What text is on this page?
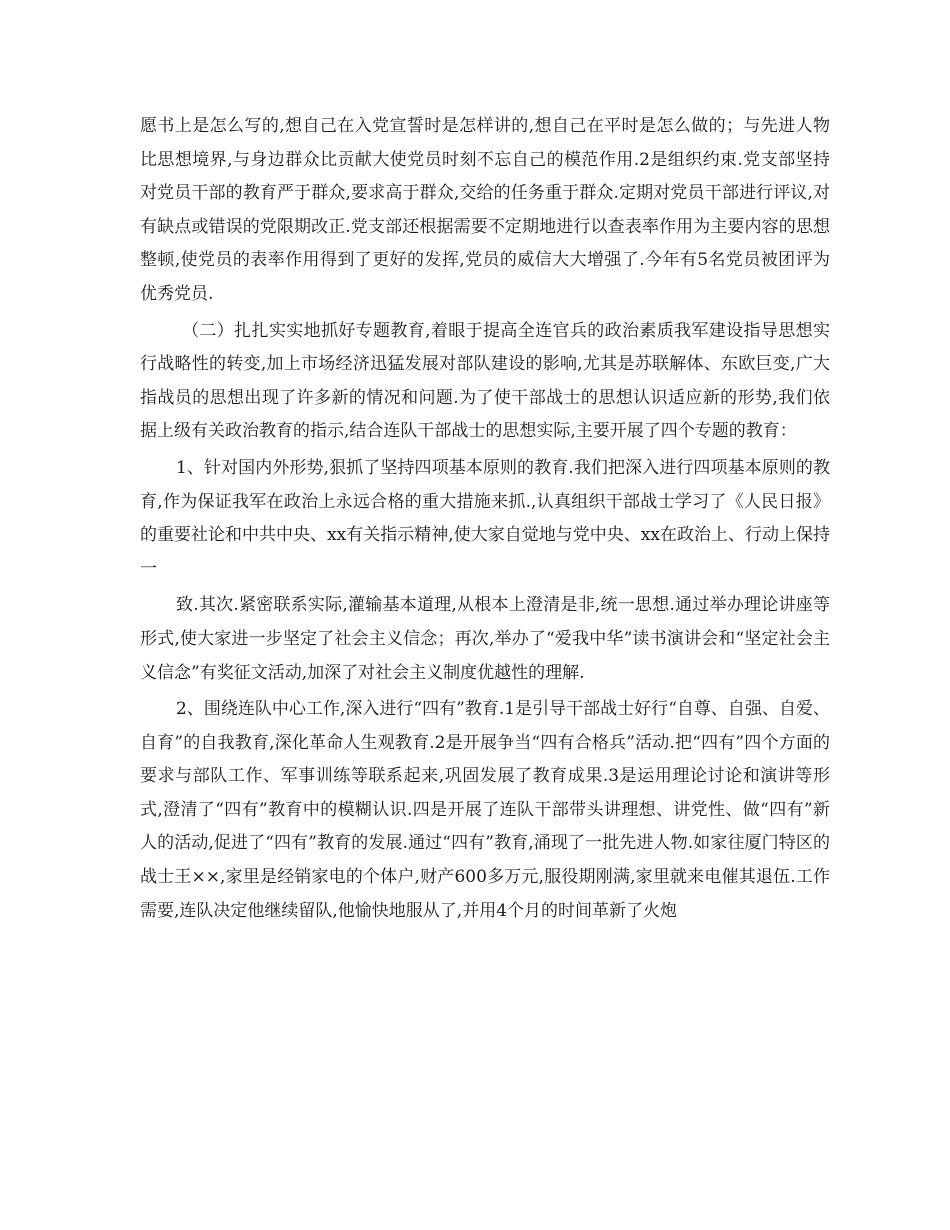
愿书上是怎么写的,想自己在入党宣誓时是怎样讲的,想自己在平时是怎么做的；与先进人物比思想境界,与身边群众比贡献大使党员时刻不忘自己的模范作用.2是组织约束.党支部坚持对党员干部的教育严于群众,要求高于群众,交给的任务重于群众.定期对党员干部进行评议,对有缺点或错误的党限期改正.党支部还根据需要不定期地进行以查表率作用为主要内容的思想整顿,使党员的表率作用得到了更好的发挥,党员的威信大大增强了.今年有5名党员被团评为优秀党员.

（二）扎扎实实地抓好专题教育,着眼于提高全连官兵的政治素质我军建设指导思想实行战略性的转变,加上市场经济迅猛发展对部队建设的影响,尤其是苏联解体、东欧巨变,广大指战员的思想出现了许多新的情况和问题.为了使干部战士的思想认识适应新的形势,我们依据上级有关政治教育的指示,结合连队干部战士的思想实际,主要开展了四个专题的教育：

1、针对国内外形势,狠抓了坚持四项基本原则的教育.我们把深入进行四项基本原则的教育,作为保证我军在政治上永远合格的重大措施来抓.,认真组织干部战士学习了《人民日报》的重要社论和中共中央、xx有关指示精神,使大家自觉地与党中央、xx在政治上、行动上保持一

致.其次.紧密联系实际,灌输基本道理,从根本上澄清是非,统一思想.通过举办理论讲座等形式,使大家进一步坚定了社会主义信念；再次,举办了“爱我中华”读书演讲会和“坚定社会主义信念”有奖征文活动,加深了对社会主义制度优越性的理解.

2、围绕连队中心工作,深入进行“四有”教育.1是引导干部战士好行“自尊、自强、自爱、自育”的自我教育,深化革命人生观教育.2是开展争当“四有合格兵”活动.把“四有”四个方面的要求与部队工作、军事训练等联系起来,巩固发展了教育成果.3是运用理论讨论和演讲等形式,澄清了“四有”教育中的模糊认识.四是开展了连队干部带头讲理想、讲党性、做“四有”新人的活动,促进了“四有”教育的发展.通过“四有”教育,涌现了一批先进人物.如家往厦门特区的战士王××,家里是经销家电的个体户,财产600多万元,服役期刚满,家里就来电催其退伍.工作需要,连队决定他继续留队,他愉快地服从了,并用4个月的时间革新了火炮
